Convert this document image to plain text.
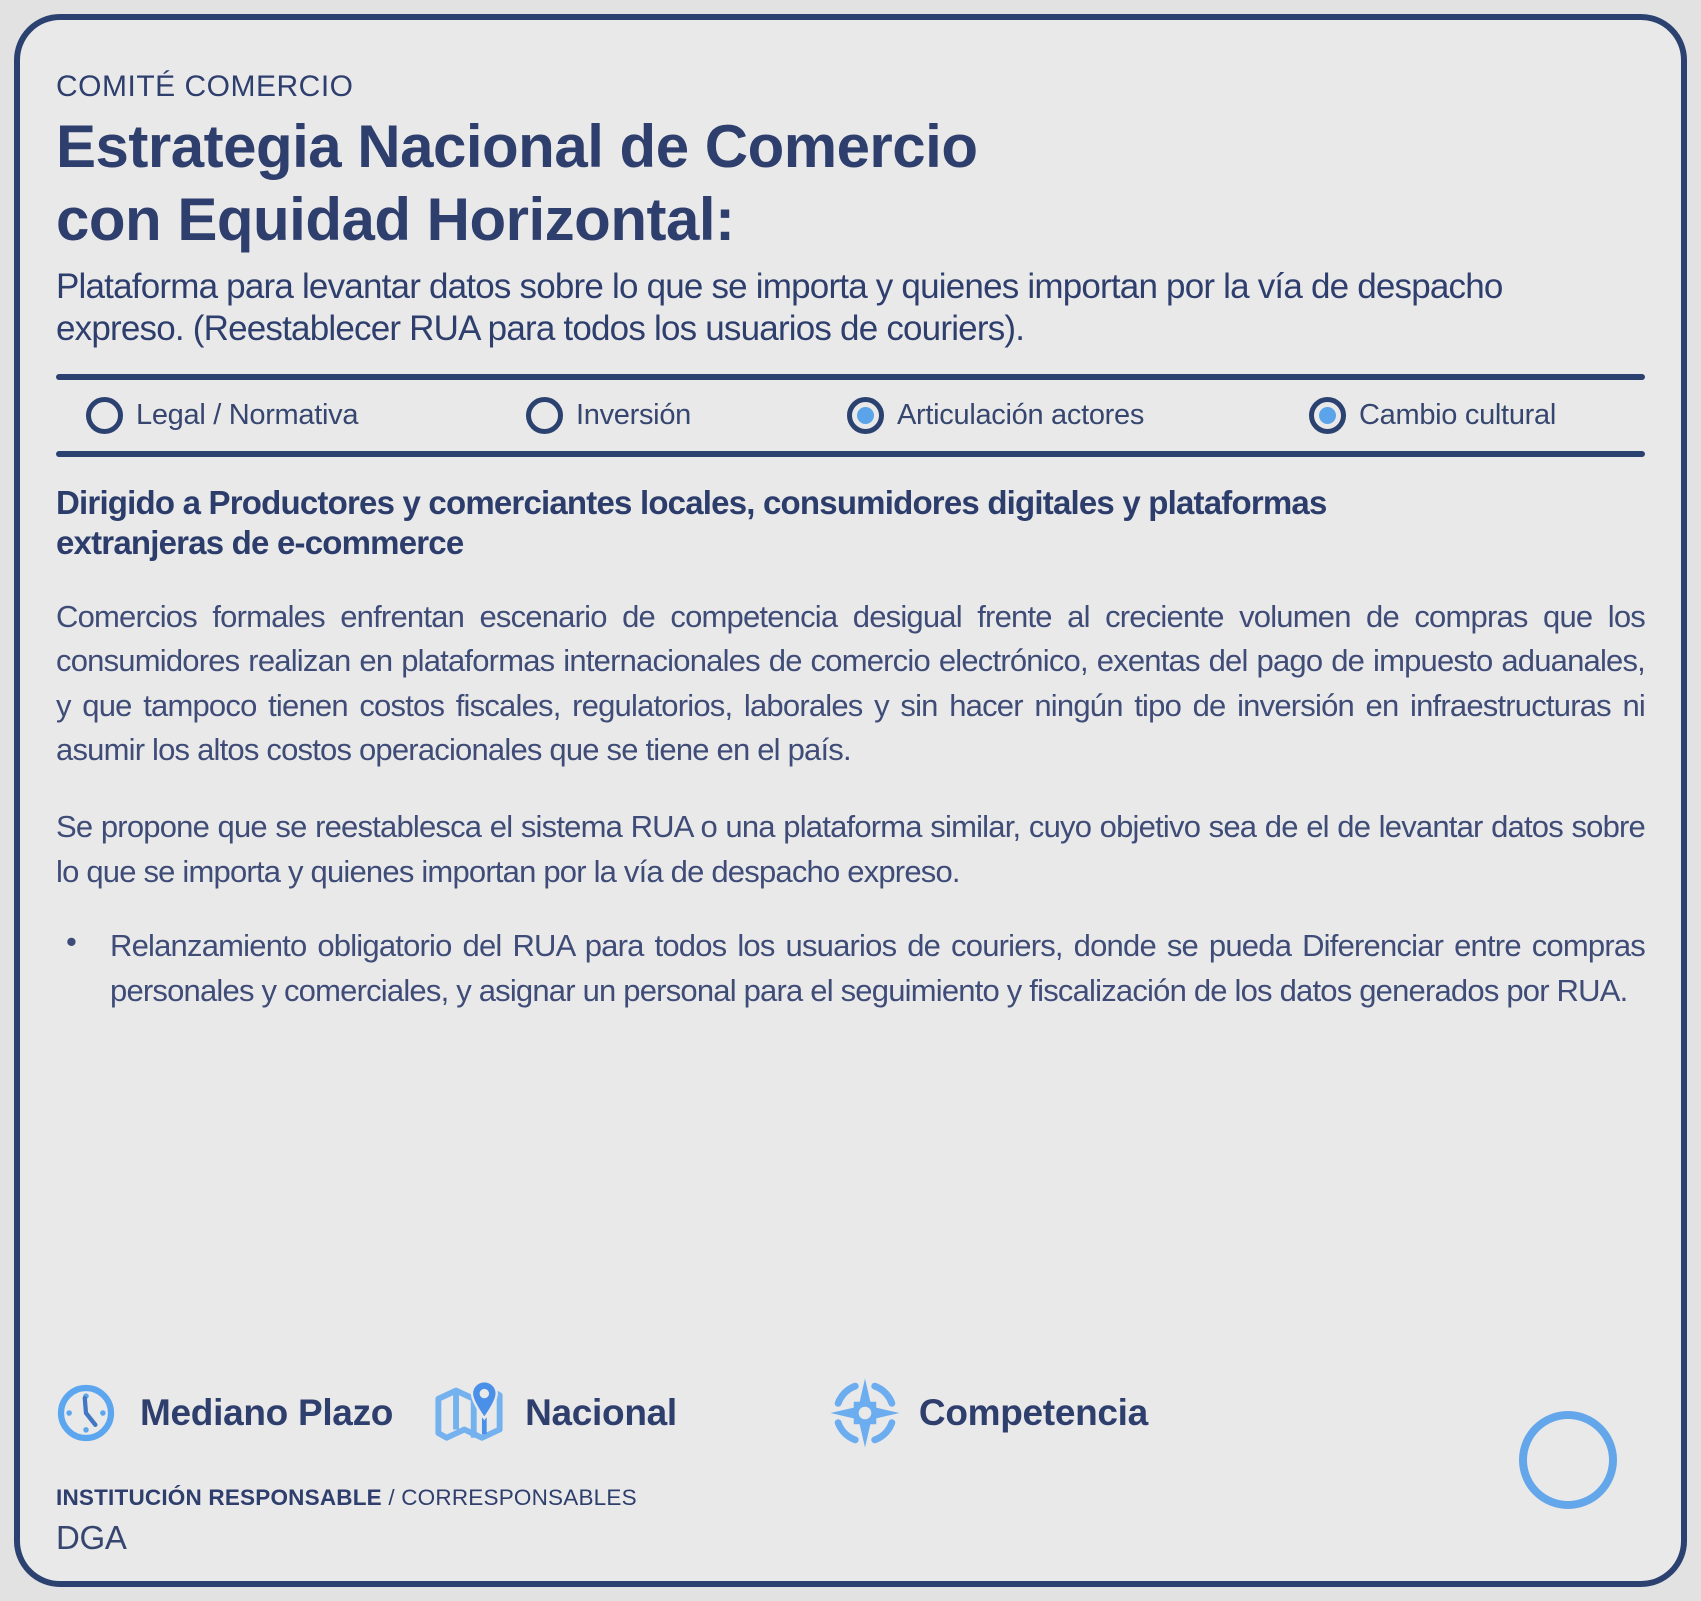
COMITÉ COMERCIO
Estrategia Nacional de Comercio
con Equidad Horizontal:
Plataforma para levantar datos sobre lo que se importa y quienes importan por la vía de despacho expreso. (Reestablecer RUA para todos los usuarios de couriers).
Legal / Normativa	Inversión	Articulación actores	Cambio cultural
Dirigido a Productores y comerciantes locales, consumidores digitales y plataformas extranjeras de e-commerce

Comercios formales enfrentan escenario de competencia desigual frente al creciente volumen de compras que los consumidores realizan en plataformas internacionales de comercio electrónico, exentas del pago de impuesto aduanales, y que tampoco tienen costos fiscales, regulatorios, laborales y sin hacer ningún tipo de inversión en infraestructuras ni asumir los altos costos operacionales que se tiene en el país.

Se propone que se reestablesca el sistema RUA o una plataforma similar, cuyo objetivo sea de el de levantar datos sobre lo que se importa y quienes importan por la vía de despacho expreso.

•	Relanzamiento obligatorio del RUA para todos los usuarios de couriers, donde se pueda Diferenciar entre compras personales y comerciales, y asignar un personal para el seguimiento y fiscalización de los datos generados por RUA.
Mediano Plazo	Nacional	Competencia
INSTITUCIÓN RESPONSABLE / CORRESPONSABLES
DGA
